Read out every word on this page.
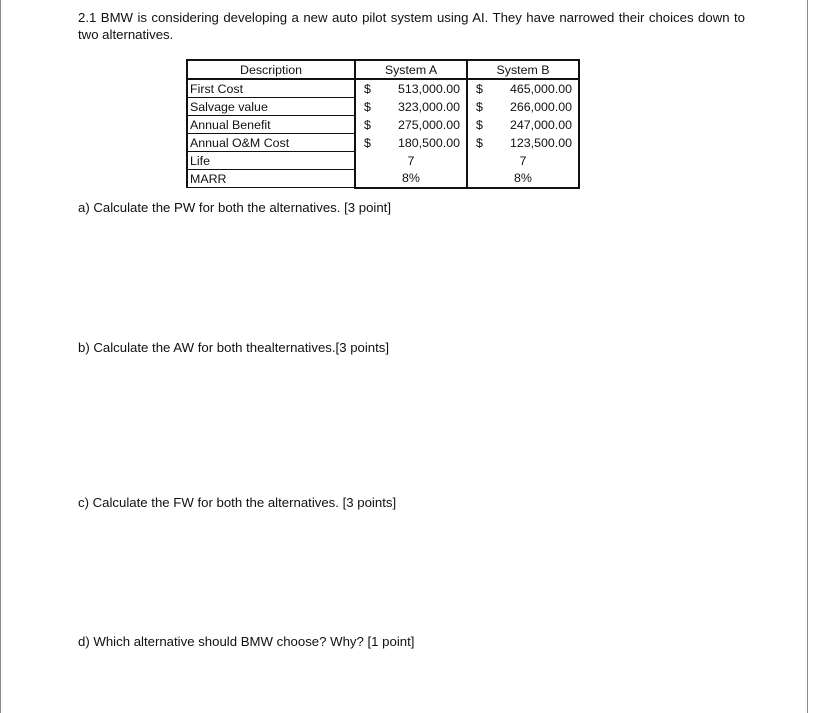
2.1 BMW is considering developing a new auto pilot system using AI. They have narrowed their choices down to two alternatives.
Description	System A	System B
First Cost	$ 513,000.00	$ 465,000.00

Salvage value	$ 323,000.00	$ 266,000.00

Annual Benefit	$ 275,000.00	$ 247,000.00

Annual O&M Cost	$ 180,500.00	$ 123,500.00

Life	7	7
MARR	8%	8%
a) Calculate the PW for both the alternatives. [3 point]
b) Calculate the AW for both thealternatives.[3 points]
c) Calculate the FW for both the alternatives. [3 points]
d) Which alternative should BMW choose? Why? [1 point]
